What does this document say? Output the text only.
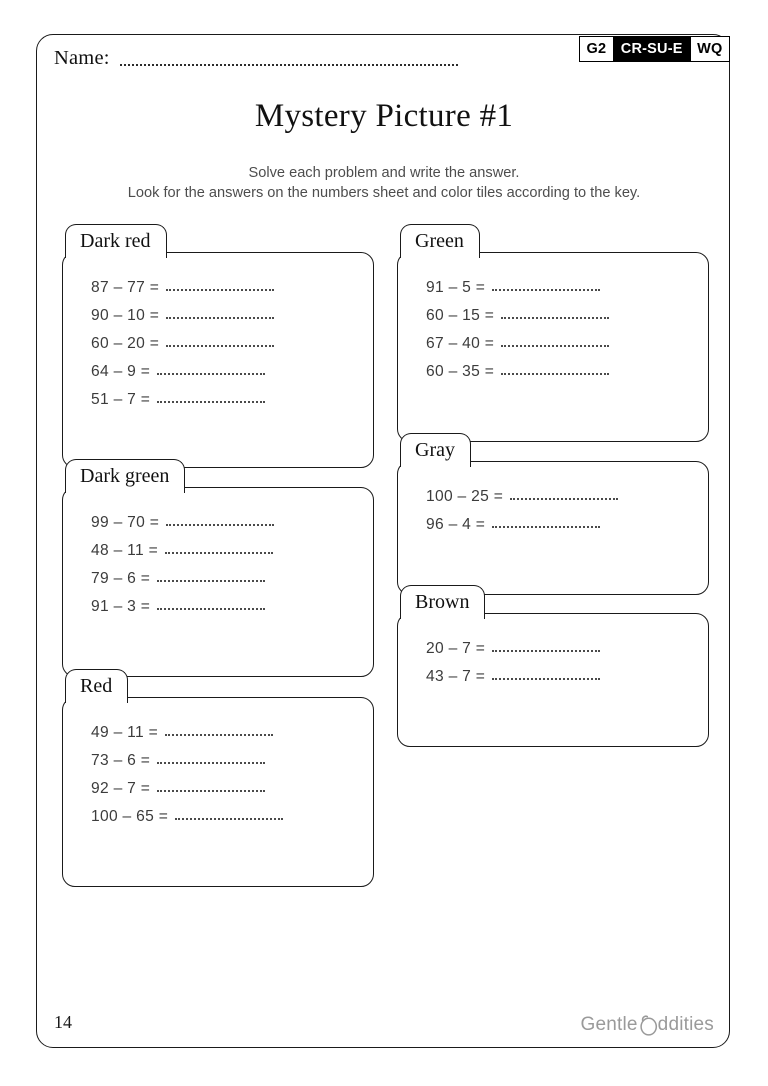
Name:	G2	CR-SU-E	WQ
Mystery Picture #1
Solve each problem and write the answer.
Look for the answers on the numbers sheet and color tiles according to the key.
87 – 77 =
90 – 10 =
60 – 20 =
64 – 9 =
51 – 7 =
Dark red
99 – 70 =
48 – 11 =
79 – 6 =
91 – 3 =
Dark green
49 – 11 =
73 – 6 =
92 – 7 =
100 – 65 =
Red
91 – 5 =
60 – 15 =
67 – 40 =
60 – 35 =
Green
100 – 25 =
96 – 4 =
Gray
20 – 7 =
43 – 7 =
Brown
14	Gentle ddities
